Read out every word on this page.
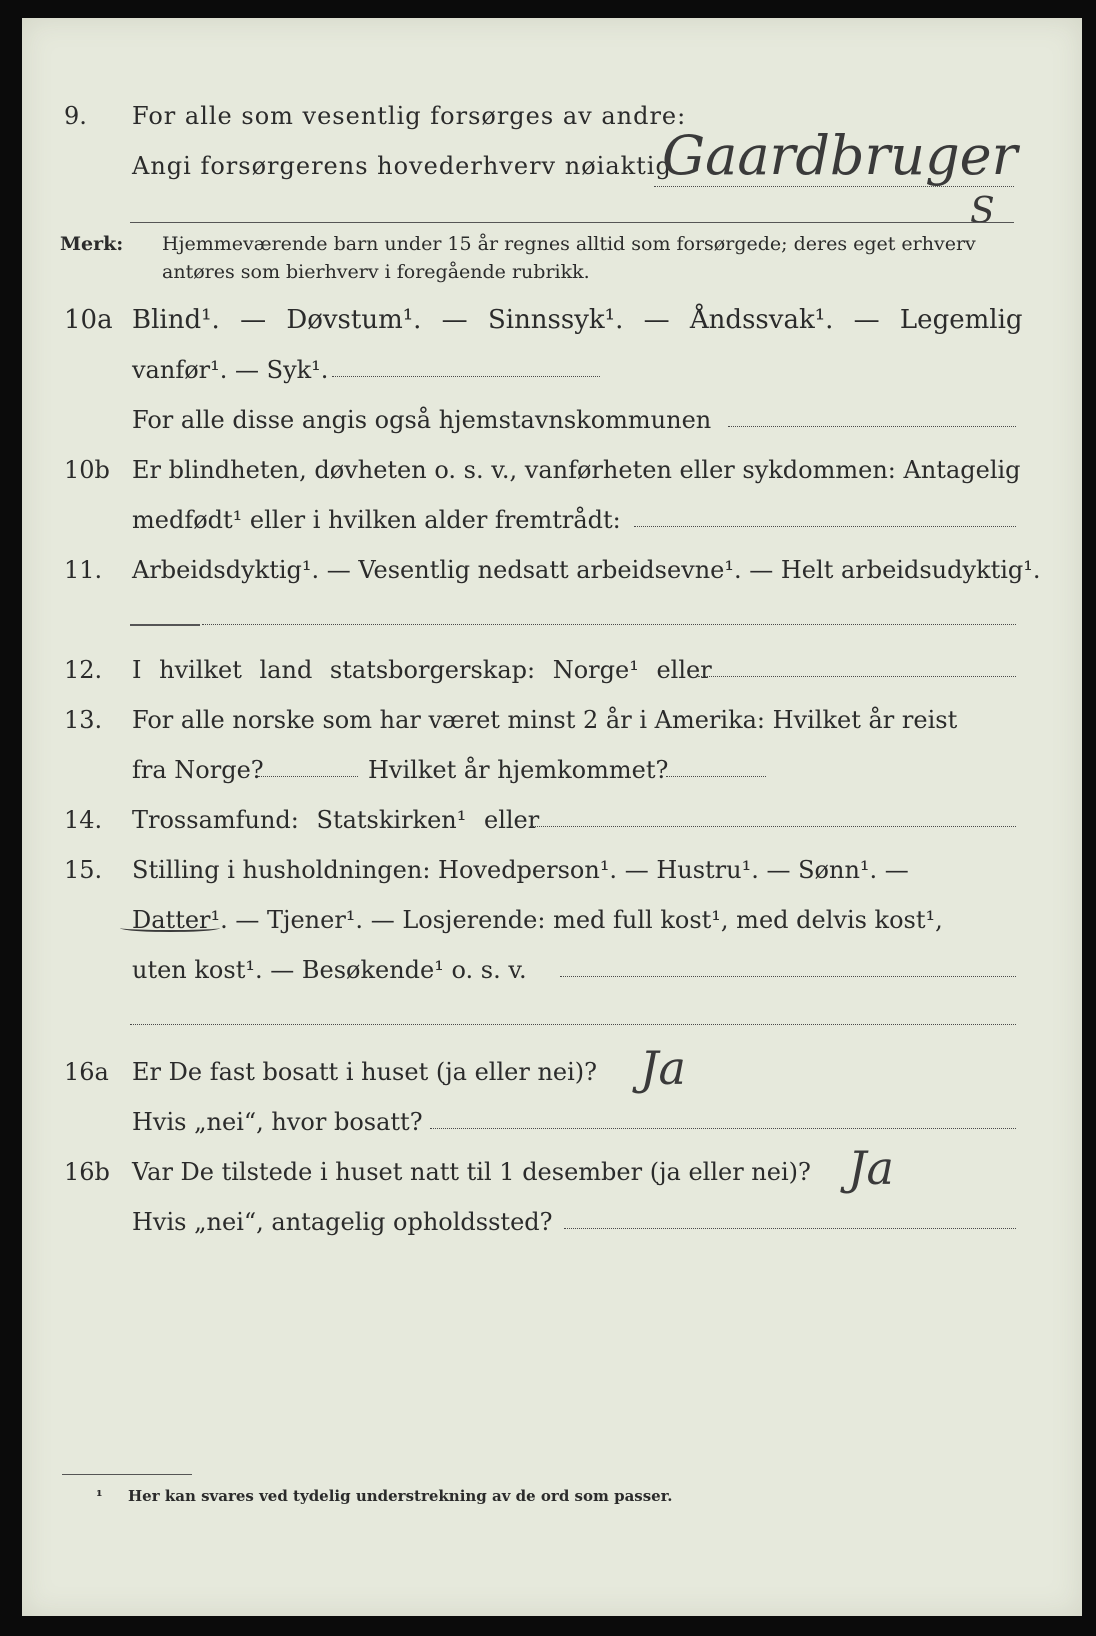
9. For alle som vesentlig forsørges av andre:
Angi forsørgerens hovederhverv nøiaktig
Gaardbruger
S
Merk: Hjemmeværende barn under 15 år regnes alltid som forsørgede; deres eget erhverv
antøres som bierhverv i foregående rubrikk.
10a Blind¹. — Døvstum¹. — Sinnssyk¹. — Åndssvak¹. — Legemlig
vanfør¹. — Syk¹.
For alle disse angis også hjemstavnskommunen
10b Er blindheten, døvheten o. s. v., vanførheten eller sykdommen: Antagelig
medfødt¹ eller i hvilken alder fremtrådt:
11. Arbeidsdyktig¹. — Vesentlig nedsatt arbeidsevne¹. — Helt arbeidsudyktig¹.
12. I hvilket land statsborgerskap: Norge¹ eller
13. For alle norske som har været minst 2 år i Amerika: Hvilket år reist
fra Norge?	Hvilket år hjemkommet?
14. Trossamfund: Statskirken¹ eller
15. Stilling i husholdningen: Hovedperson¹. — Hustru¹. — Sønn¹. —
Datter¹. — Tjener¹. — Losjerende: med full kost¹, med delvis kost¹,
uten kost¹. — Besøkende¹ o. s. v.
16a Er De fast bosatt i huset (ja eller nei)? Ja
Hvis „nei“, hvor bosatt?
16b Var De tilstede i huset natt til 1 desember (ja eller nei)? Ja
Hvis „nei“, antagelig opholdssted?
¹ Her kan svares ved tydelig understrekning av de ord som passer.
